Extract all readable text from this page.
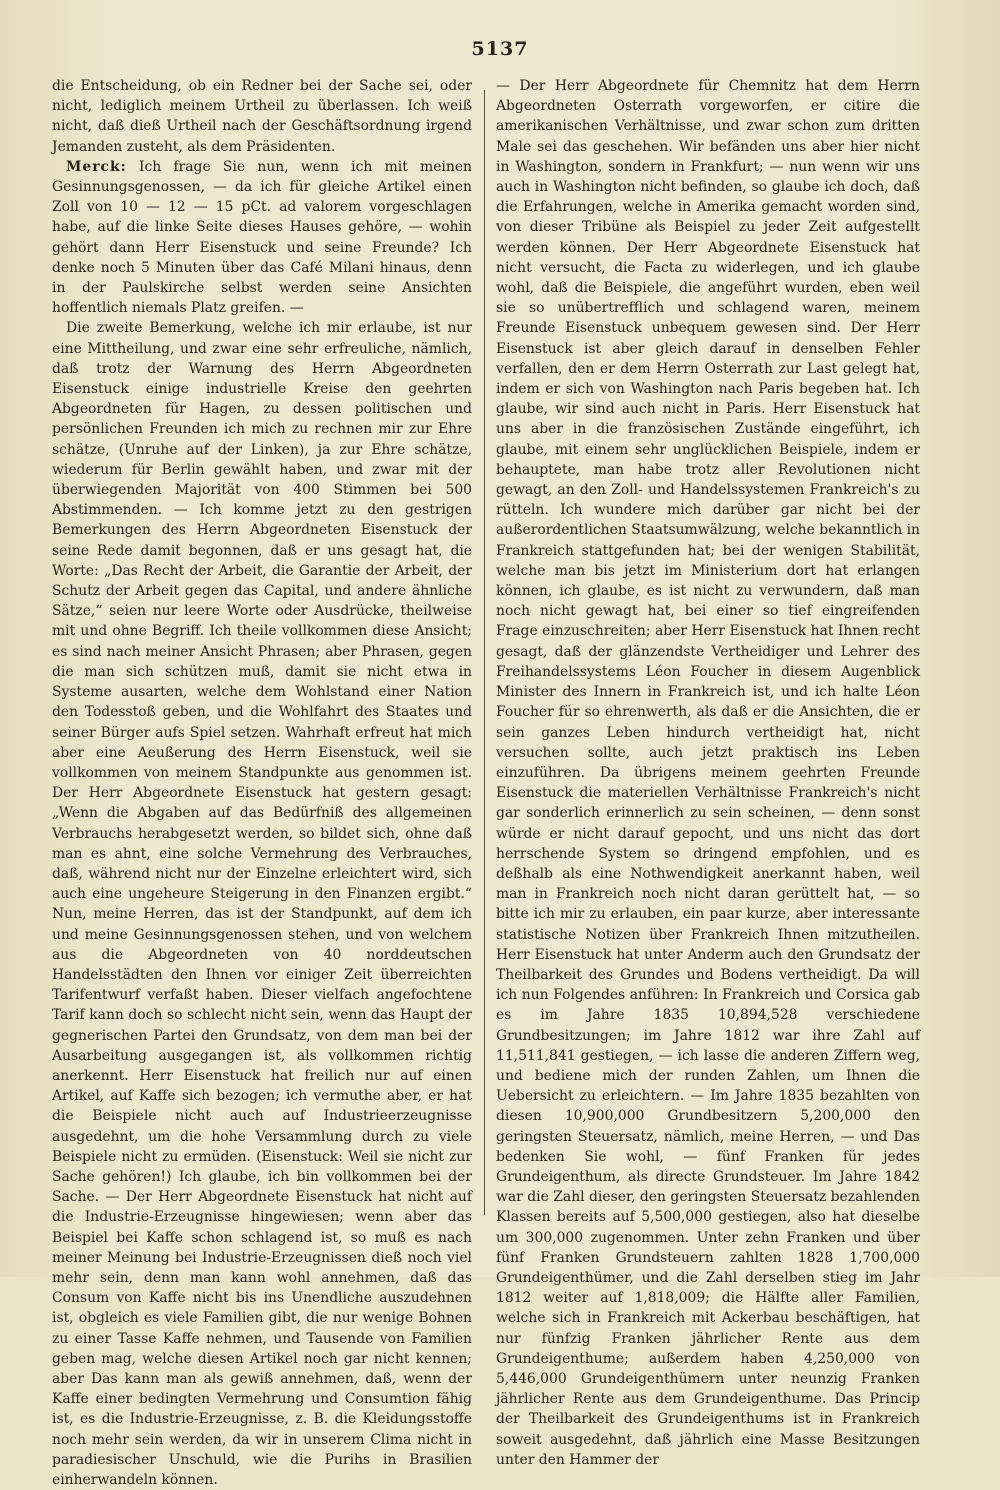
5137

die Entscheidung, ob ein Redner bei der Sache sei, oder nicht, lediglich meinem Urtheil zu überlassen. Ich weiß nicht, daß dieß Urtheil nach der Geschäftsordnung irgend Jemanden zusteht, als dem Präsidenten.

Merck: Ich frage Sie nun, wenn ich mit meinen Gesinnungsgenossen, — da ich für gleiche Artikel einen Zoll von 10 — 12 — 15 pCt. ad valorem vorgeschlagen habe, auf die linke Seite dieses Hauses gehöre, — wohin gehört dann Herr Eisenstuck und seine Freunde? Ich denke noch 5 Minuten über das Café Milani hinaus, denn in der Paulskirche selbst werden seine Ansichten hoffentlich niemals Platz greifen. —

Die zweite Bemerkung, welche ich mir erlaube, ist nur eine Mittheilung, und zwar eine sehr erfreuliche, nämlich, daß trotz der Warnung des Herrn Abgeordneten Eisenstuck einige industrielle Kreise den geehrten Abgeordneten für Hagen, zu dessen politischen und persönlichen Freunden ich mich zu rechnen mir zur Ehre schätze, (Unruhe auf der Linken), ja zur Ehre schätze, wiederum für Berlin gewählt haben, und zwar mit der überwiegenden Majorität von 400 Stimmen bei 500 Abstimmenden. — Ich komme jetzt zu den gestrigen Bemerkungen des Herrn Abgeordneten Eisenstuck der seine Rede damit begonnen, daß er uns gesagt hat, die Worte: „Das Recht der Arbeit, die Garantie der Arbeit, der Schutz der Arbeit gegen das Capital, und andere ähnliche Sätze,“ seien nur leere Worte oder Ausdrücke, theilweise mit und ohne Begriff. Ich theile vollkommen diese Ansicht; es sind nach meiner Ansicht Phrasen; aber Phrasen, gegen die man sich schützen muß, damit sie nicht etwa in Systeme ausarten, welche dem Wohlstand einer Nation den Todesstoß geben, und die Wohlfahrt des Staates und seiner Bürger aufs Spiel setzen. Wahrhaft erfreut hat mich aber eine Aeußerung des Herrn Eisenstuck, weil sie vollkommen von meinem Standpunkte aus genommen ist. Der Herr Abgeordnete Eisenstuck hat gestern gesagt: „Wenn die Abgaben auf das Bedürfniß des allgemeinen Verbrauchs herabgesetzt werden, so bildet sich, ohne daß man es ahnt, eine solche Vermehrung des Verbrauches, daß, während nicht nur der Einzelne erleichtert wird, sich auch eine ungeheure Steigerung in den Finanzen ergibt.“ Nun, meine Herren, das ist der Standpunkt, auf dem ich und meine Gesinnungsgenossen stehen, und von welchem aus die Abgeordneten von 40 norddeutschen Handelsstädten den Ihnen vor einiger Zeit überreichten Tarifentwurf verfaßt haben. Dieser vielfach angefochtene Tarif kann doch so schlecht nicht sein, wenn das Haupt der gegnerischen Partei den Grundsatz, von dem man bei der Ausarbeitung ausgegangen ist, als vollkommen richtig anerkennt. Herr Eisenstuck hat freilich nur auf einen Artikel, auf Kaffe sich bezogen; ich vermuthe aber, er hat die Beispiele nicht auch auf Industrieerzeugnisse ausgedehnt, um die hohe Versammlung durch zu viele Beispiele nicht zu ermüden. (Eisenstuck: Weil sie nicht zur Sache gehören!) Ich glaube, ich bin vollkommen bei der Sache. — Der Herr Abgeordnete Eisenstuck hat nicht auf die Industrie-Erzeugnisse hingewiesen; wenn aber das Beispiel bei Kaffe schon schlagend ist, so muß es nach meiner Meinung bei Industrie-Erzeugnissen dieß noch viel mehr sein, denn man kann wohl annehmen, daß das Consum von Kaffe nicht bis ins Unendliche auszudehnen ist, obgleich es viele Familien gibt, die nur wenige Bohnen zu einer Tasse Kaffe nehmen, und Tausende von Familien geben mag, welche diesen Artikel noch gar nicht kennen; aber Das kann man als gewiß annehmen, daß, wenn der Kaffe einer bedingten Vermehrung und Consumtion fähig ist, es die Industrie-Erzeugnisse, z. B. die Kleidungsstoffe noch mehr sein werden, da wir in unserem Clima nicht in paradiesischer Unschuld, wie die Purihs in Brasilien einherwandeln können.

— Der Herr Abgeordnete für Chemnitz hat dem Herrn Abgeordneten Osterrath vorgeworfen, er citire die amerikanischen Verhältnisse, und zwar schon zum dritten Male sei das geschehen. Wir befänden uns aber hier nicht in Washington, sondern in Frankfurt; — nun wenn wir uns auch in Washington nicht befinden, so glaube ich doch, daß die Erfahrungen, welche in Amerika gemacht worden sind, von dieser Tribüne als Beispiel zu jeder Zeit aufgestellt werden können. Der Herr Abgeordnete Eisenstuck hat nicht versucht, die Facta zu widerlegen, und ich glaube wohl, daß die Beispiele, die angeführt wurden, eben weil sie so unübertrefflich und schlagend waren, meinem Freunde Eisenstuck unbequem gewesen sind. Der Herr Eisenstuck ist aber gleich darauf in denselben Fehler verfallen, den er dem Herrn Osterrath zur Last gelegt hat, indem er sich von Washington nach Paris begeben hat. Ich glaube, wir sind auch nicht in Paris. Herr Eisenstuck hat uns aber in die französischen Zustände eingeführt, ich glaube, mit einem sehr unglücklichen Beispiele, indem er behauptete, man habe trotz aller Revolutionen nicht gewagt, an den Zoll- und Handelssystemen Frankreich's zu rütteln. Ich wundere mich darüber gar nicht bei der außerordentlichen Staatsumwälzung, welche bekanntlich in Frankreich stattgefunden hat; bei der wenigen Stabilität, welche man bis jetzt im Ministerium dort hat erlangen können, ich glaube, es ist nicht zu verwundern, daß man noch nicht gewagt hat, bei einer so tief eingreifenden Frage einzuschreiten; aber Herr Eisenstuck hat Ihnen recht gesagt, daß der glänzendste Vertheidiger und Lehrer des Freihandelssystems Léon Foucher in diesem Augenblick Minister des Innern in Frankreich ist, und ich halte Léon Foucher für so ehrenwerth, als daß er die Ansichten, die er sein ganzes Leben hindurch vertheidigt hat, nicht versuchen sollte, auch jetzt praktisch ins Leben einzuführen. Da übrigens meinem geehrten Freunde Eisenstuck die materiellen Verhältnisse Frankreich's nicht gar sonderlich erinnerlich zu sein scheinen, — denn sonst würde er nicht darauf gepocht, und uns nicht das dort herrschende System so dringend empfohlen, und es deßhalb als eine Nothwendigkeit anerkannt haben, weil man in Frankreich noch nicht daran gerüttelt hat, — so bitte ich mir zu erlauben, ein paar kurze, aber interessante statistische Notizen über Frankreich Ihnen mitzutheilen. Herr Eisenstuck hat unter Anderm auch den Grundsatz der Theilbarkeit des Grundes und Bodens vertheidigt. Da will ich nun Folgendes anführen: In Frankreich und Corsica gab es im Jahre 1835 10,894,528 verschiedene Grundbesitzungen; im Jahre 1812 war ihre Zahl auf 11,511,841 gestiegen, — ich lasse die anderen Ziffern weg, und bediene mich der runden Zahlen, um Ihnen die Uebersicht zu erleichtern. — Im Jahre 1835 bezahlten von diesen 10,900,000 Grundbesitzern 5,200,000 den geringsten Steuersatz, nämlich, meine Herren, — und Das bedenken Sie wohl, — fünf Franken für jedes Grundeigenthum, als directe Grundsteuer. Im Jahre 1842 war die Zahl dieser, den geringsten Steuersatz bezahlenden Klassen bereits auf 5,500,000 gestiegen, also hat dieselbe um 300,000 zugenommen. Unter zehn Franken und über fünf Franken Grundsteuern zahlten 1828 1,700,000 Grundeigenthümer, und die Zahl derselben stieg im Jahr 1812 weiter auf 1,818,009; die Hälfte aller Familien, welche sich in Frankreich mit Ackerbau beschäftigen, hat nur fünfzig Franken jährlicher Rente aus dem Grundeigenthume; außerdem haben 4,250,000 von 5,446,000 Grundeigenthümern unter neunzig Franken jährlicher Rente aus dem Grundeigenthume. Das Princip der Theilbarkeit des Grundeigenthums ist in Frankreich soweit ausgedehnt, daß jährlich eine Masse Besitzungen unter den Hammer der
